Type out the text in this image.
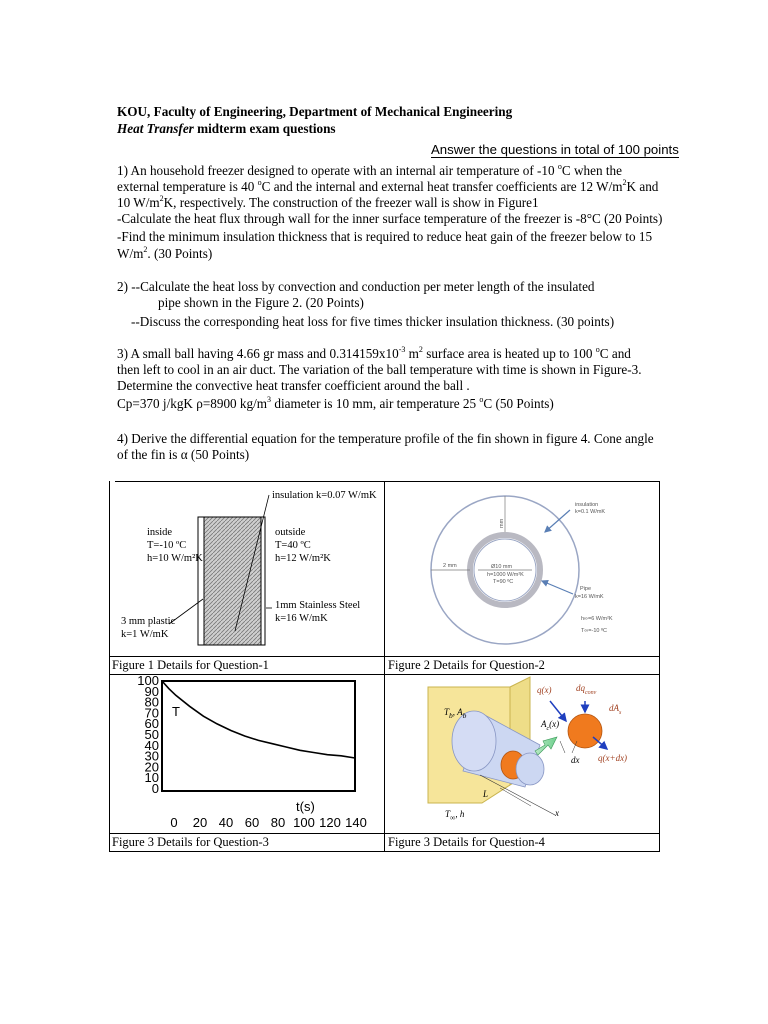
KOU, Faculty of Engineering, Department of Mechanical Engineering
Heat Transfer midterm exam questions
Answer the questions in total of 100 points
1) An household freezer designed to operate with an internal air temperature of -10 $^o$C when the
external temperature is 40 $^o$C and the internal and external heat transfer coefficients are 12 $W/m^2K$ and
10 $W/m^2K$, respectively. The construction of the freezer wall is show in Figure1
-Calculate the heat flux through wall for the inner surface temperature of the freezer is -8°C (20 Points)
-Find the minimum insulation thickness that is required to reduce heat gain of the freezer below to 15
$W/m^2$. (30 Points)
2) --Calculate the heat loss by convection and conduction per meter length of the insulated
pipe shown in the Figure 2. (20 Points)
--Discuss the corresponding heat loss for five times thicker insulation thickness. (30 points)
3) A small ball having 4.66 gr mass and $0.314159x10^{-3}$ $m^2$ surface area is heated up to 100 $^o$C and
then left to cool in an air duct. The variation of the ball temperature with time is shown in Figure-3.
Determine the convective heat transfer coefficient around the ball .
Cp=370 j/kgK ρ=8900 $kg/m^3$ diameter is 10 mm, air temperature 25 $^o$C (50 Points)
4) Derive the differential equation for the temperature profile of the fin shown in figure 4. Cone angle
of the fin is α (50 Points)
Figure 1 Details for Question-1	Figure 2 Details for Question-2
Figure 3 Details for Question-3	Figure 3 Details for Question-4
insulation k=0.07 W/mK
inside
T=-10 ºC
h=10 W/m²K
outside
T=40 ºC
h=12 W/m²K
1mm Stainless Steel
k=16 W/mK
3 mm plastic
k=1 W/mK
insulation
k=0.1 W/mK
2 mm	Ø10 mm
h=1000 W/m²K
T=90 ºC
mm
Pipe
k=16 W/mK
h∞=6 W/m²K
T∞=-10 ºC
100
90
80
70
60
50
40
30
20
10
0
0 20 40 60 80 100 120 140
T
t(s)
$T_b$, $A_b$
$T_\infty$, h
L
x
dx
q(x)
q(x+dx)
$dq_{conv}$
$dA_s$
$A_c(x)$
